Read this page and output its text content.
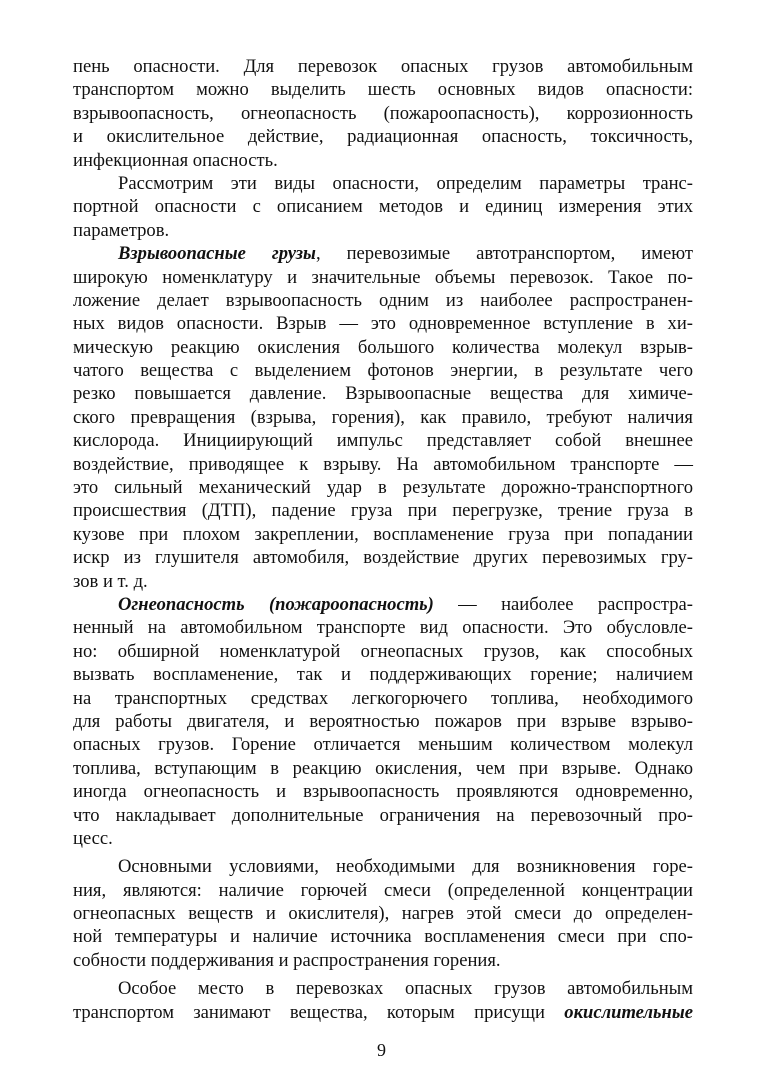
пень опасности. Для перевозок опасных грузов автомобильным
транспортом можно выделить шесть основных видов опасности:
взрывоопасность, огнеопасность (пожароопасность), коррозионность
и окислительное действие, радиационная опасность, токсичность,
инфекционная опасность.
Рассмотрим эти виды опасности, определим параметры транс-
портной опасности с описанием методов и единиц измерения этих
параметров.
Взрывоопасные грузы, перевозимые автотранспортом, имеют
широкую номенклатуру и значительные объемы перевозок. Такое по-
ложение делает взрывоопасность одним из наиболее распространен-
ных видов опасности. Взрыв — это одновременное вступление в хи-
мическую реакцию окисления большого количества молекул взрыв-
чатого вещества с выделением фотонов энергии, в результате чего
резко повышается давление. Взрывоопасные вещества для химиче-
ского превращения (взрыва, горения), как правило, требуют наличия
кислорода. Инициирующий импульс представляет собой внешнее
воздействие, приводящее к взрыву. На автомобильном транспорте —
это сильный механический удар в результате дорожно-транспортного
происшествия (ДТП), падение груза при перегрузке, трение груза в
кузове при плохом закреплении, воспламенение груза при попадании
искр из глушителя автомобиля, воздействие других перевозимых гру-
зов и т. д.
Огнеопасность (пожароопасность) — наиболее распростра-
ненный на автомобильном транспорте вид опасности. Это обусловле-
но: обширной номенклатурой огнеопасных грузов, как способных
вызвать воспламенение, так и поддерживающих горение; наличием
на транспортных средствах легкогорючего топлива, необходимого
для работы двигателя, и вероятностью пожаров при взрыве взрыво-
опасных грузов. Горение отличается меньшим количеством молекул
топлива, вступающим в реакцию окисления, чем при взрыве. Однако
иногда огнеопасность и взрывоопасность проявляются одновременно,
что накладывает дополнительные ограничения на перевозочный про-
цесс.
Основными условиями, необходимыми для возникновения горе-
ния, являются: наличие горючей смеси (определенной концентрации
огнеопасных веществ и окислителя), нагрев этой смеси до определен-
ной температуры и наличие источника воспламенения смеси при спо-
собности поддерживания и распространения горения.
Особое место в перевозках опасных грузов автомобильным
транспортом занимают вещества, которым присущи окислительные
9
